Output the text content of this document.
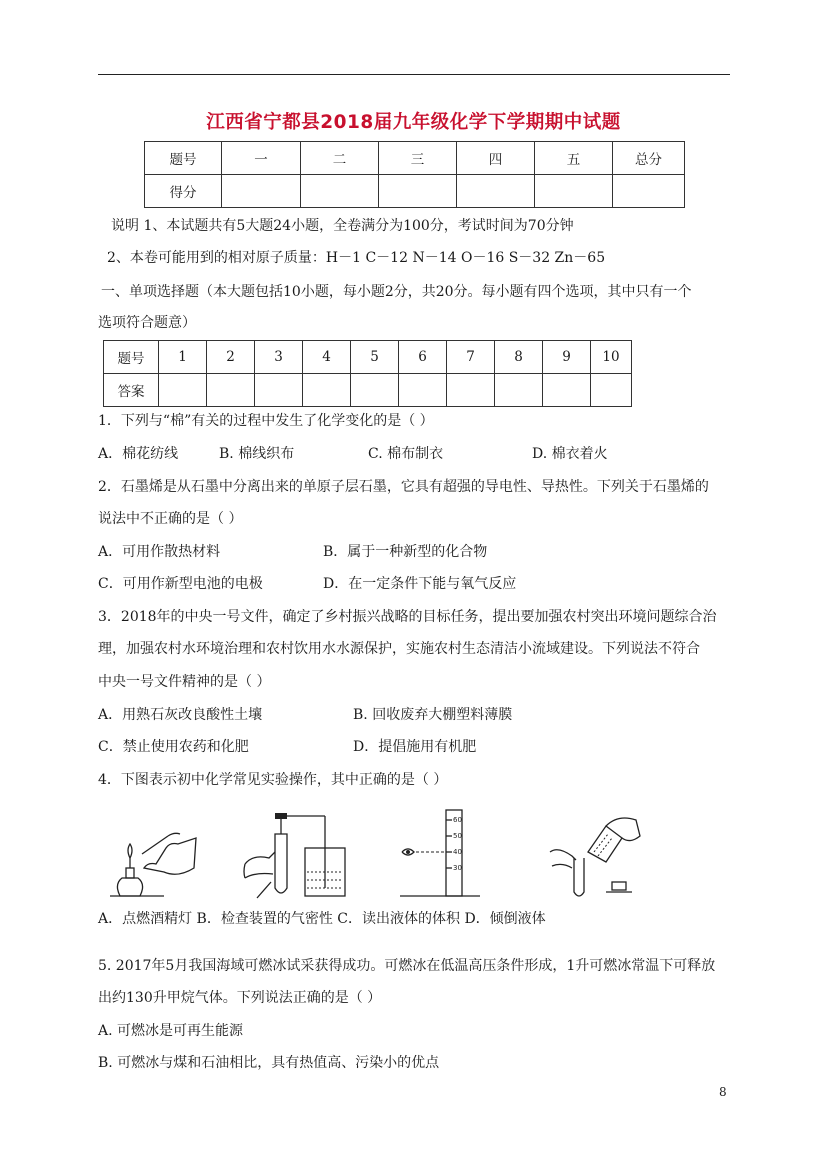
江西省宁都县2018届九年级化学下学期期中试题
题号	一	二	三	四	五	总分
得分						
说明 1、本试题共有5大题24小题，全卷满分为100分，考试时间为70分钟
2、本卷可能用到的相对原子质量：H－1 C－12 N－14 O－16 S－32 Zn－65
一、单项选择题（本大题包括10小题，每小题2分，共20分。每小题有四个选项，其中只有一个
选项符合题意）
题号	1	2	3	4	5	6	7	8	9	10
答案										
1．下列与“棉”有关的过程中发生了化学变化的是（ ）
A．棉花纺线	B. 棉线织布	C. 棉布制衣	D. 棉衣着火
2．石墨烯是从石墨中分离出来的单原子层石墨，它具有超强的导电性、导热性。下列关于石墨烯的
说法中不正确的是（ ）
A．可用作散热材料	B．属于一种新型的化合物
C．可用作新型电池的电极	D．在一定条件下能与氧气反应
3．2018年的中央一号文件，确定了乡村振兴战略的目标任务，提出要加强农村突出环境问题综合治
理，加强农村水环境治理和农村饮用水水源保护，实施农村生态清洁小流域建设。下列说法不符合
中央一号文件精神的是（ ）
A．用熟石灰改良酸性土壤	B. 回收废弃大棚塑料薄膜
C．禁止使用农药和化肥	D．提倡施用有机肥
4．下图表示初中化学常见实验操作，其中正确的是（ ）
60
50
40
30
A．点燃酒精灯 B．检查装置的气密性 C．读出液体的体积 D．倾倒液体
5. 2017年5月我国海域可燃冰试采获得成功。可燃冰在低温高压条件形成，1升可燃冰常温下可释放
出约130升甲烷气体。下列说法正确的是（ ）
A. 可燃冰是可再生能源
B. 可燃冰与煤和石油相比，具有热值高、污染小的优点
8
